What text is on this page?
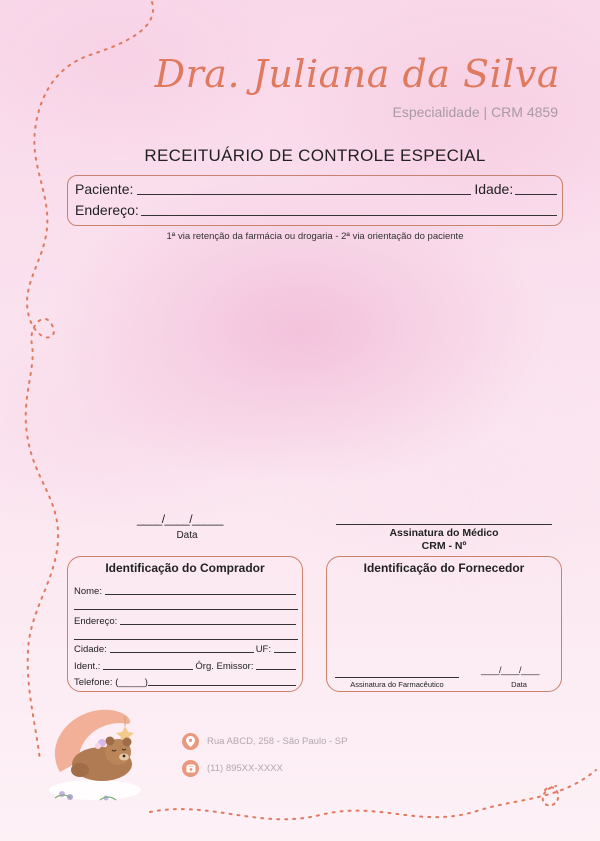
Dra. Juliana da Silva
Especialidade | CRM 4859
RECEITUÁRIO DE CONTROLE ESPECIAL
Paciente:	Idade:
Endereço:
1ª via retenção da farmácia ou drogaria - 2ª via orientação do paciente
____/____/_____
Data	Assinatura do Médico
CRM - Nº
Identificação do Comprador
Nome:
Endereço:
Cidade:	UF:
Ident.:	Órg. Emissor:
Telefone: (_____)
Identificação do Fornecedor
Assinatura do Farmacêutico
____/____/____
Data
Rua ABCD, 258 - São Paulo - SP
(11) 895XX-XXXX
